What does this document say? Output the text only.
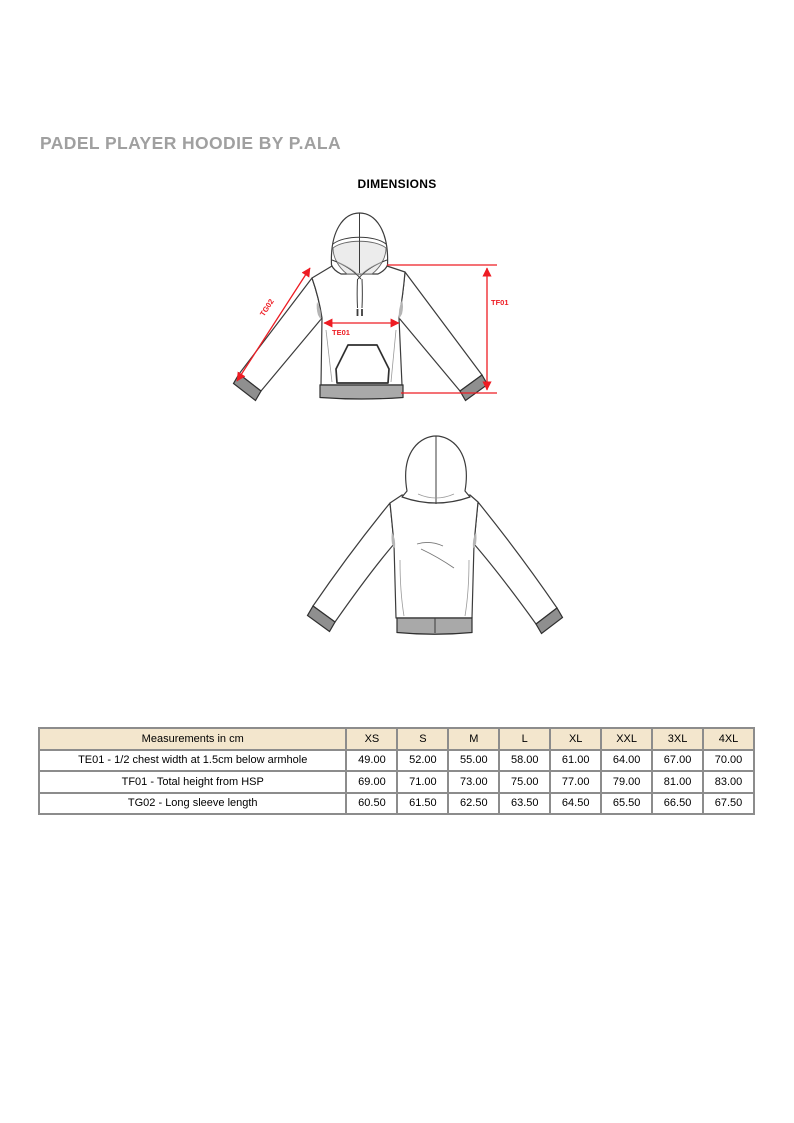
PADEL PLAYER HOODIE BY P.ALA
DIMENSIONS
TG02
TE01
TF01
Measurements in cm	XS	S	M	L	XL	XXL	3XL	4XL
TE01 - 1/2 chest width at 1.5cm below armhole	49.00	52.00	55.00	58.00	61.00	64.00	67.00	70.00
TF01 - Total height from HSP	69.00	71.00	73.00	75.00	77.00	79.00	81.00	83.00
TG02 - Long sleeve length	60.50	61.50	62.50	63.50	64.50	65.50	66.50	67.50
